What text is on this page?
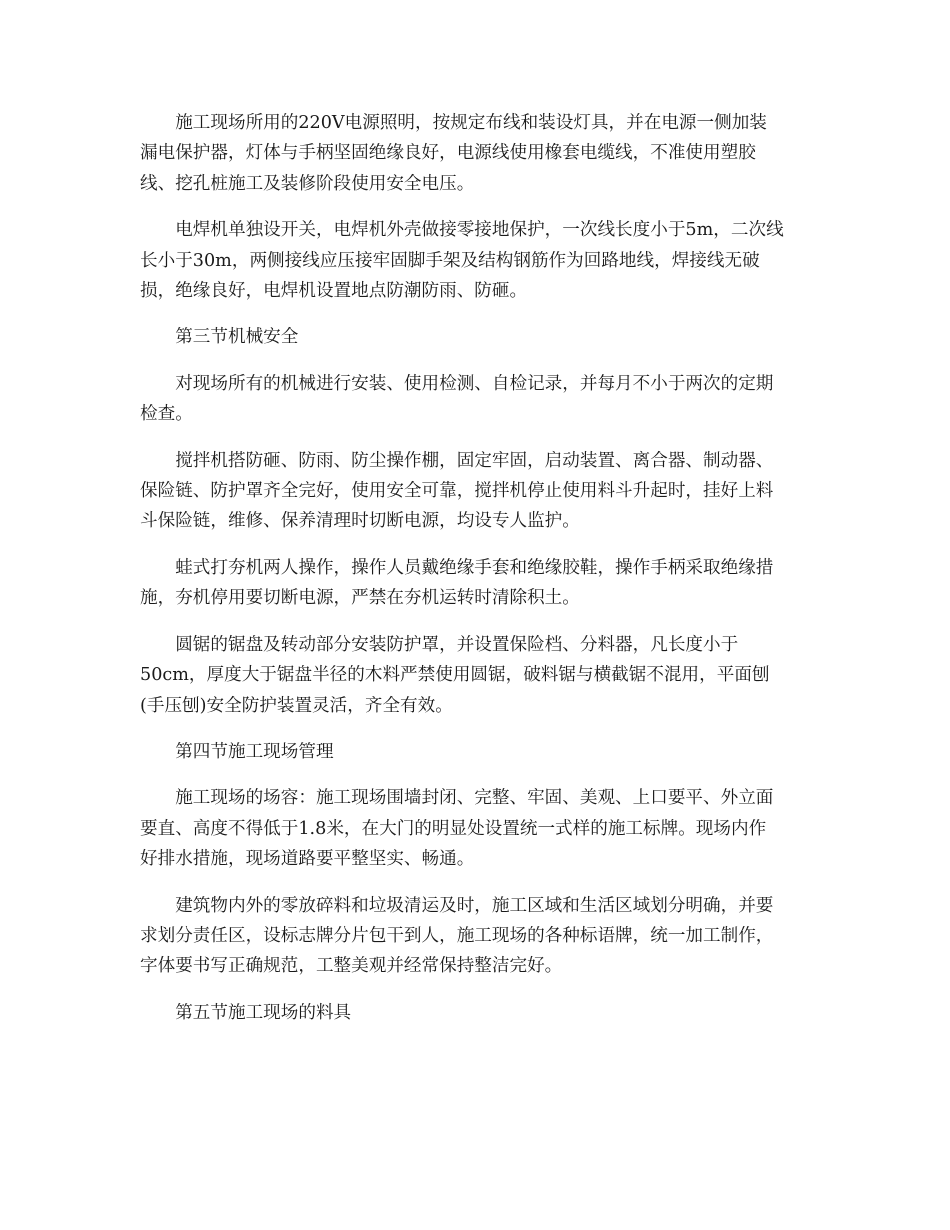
施工现场所用的220V电源照明，按规定布线和装设灯具，并在电源一侧加装
漏电保护器，灯体与手柄坚固绝缘良好，电源线使用橡套电缆线，不准使用塑胶
线、挖孔桩施工及装修阶段使用安全电压。

电焊机单独设开关，电焊机外壳做接零接地保护，一次线长度小于5m，二次线
长小于30m，两侧接线应压接牢固脚手架及结构钢筋作为回路地线，焊接线无破
损，绝缘良好，电焊机设置地点防潮防雨、防砸。

第三节机械安全

对现场所有的机械进行安装、使用检测、自检记录，并每月不小于两次的定期
检查。

搅拌机搭防砸、防雨、防尘操作棚，固定牢固，启动装置、离合器、制动器、
保险链、防护罩齐全完好，使用安全可靠，搅拌机停止使用料斗升起时，挂好上料
斗保险链，维修、保养清理时切断电源，均设专人监护。

蛙式打夯机两人操作，操作人员戴绝缘手套和绝缘胶鞋，操作手柄采取绝缘措
施，夯机停用要切断电源，严禁在夯机运转时清除积土。

圆锯的锯盘及转动部分安装防护罩，并设置保险档、分料器，凡长度小于
50cm，厚度大于锯盘半径的木料严禁使用圆锯，破料锯与横截锯不混用，平面刨
(手压刨)安全防护装置灵活，齐全有效。

第四节施工现场管理

施工现场的场容：施工现场围墙封闭、完整、牢固、美观、上口要平、外立面
要直、高度不得低于1.8米，在大门的明显处设置统一式样的施工标牌。现场内作
好排水措施，现场道路要平整坚实、畅通。

建筑物内外的零放碎料和垃圾清运及时，施工区域和生活区域划分明确，并要
求划分责任区，设标志牌分片包干到人，施工现场的各种标语牌，统一加工制作，
字体要书写正确规范，工整美观并经常保持整洁完好。

第五节施工现场的料具
